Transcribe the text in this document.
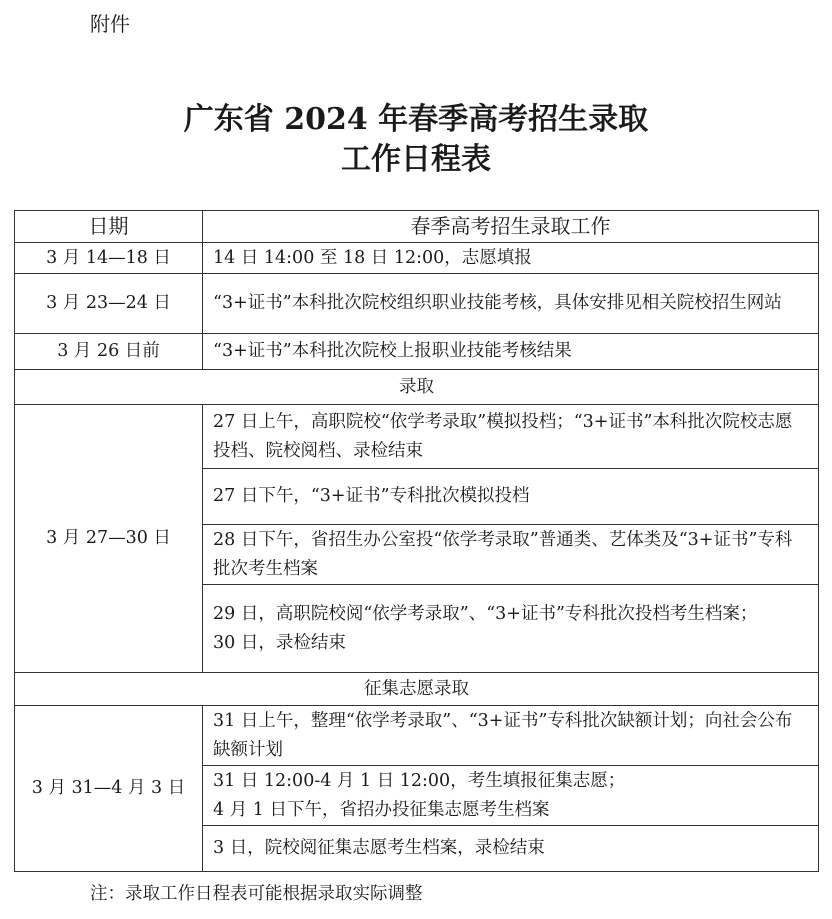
附件
广东省 2024 年春季高考招生录取
工作日程表
日期	春季高考招生录取工作
3 月 14—18 日	14 日 14:00 至 18 日 12:00，志愿填报
3 月 23—24 日	“3+证书”本科批次院校组织职业技能考核，具体安排见相关院校招生网站
3 月 26 日前	“3+证书”本科批次院校上报职业技能考核结果
录取	
3 月 27—30 日	27 日上午，高职院校“依学考录取”模拟投档；“3+证书”本科批次院校志愿投档、院校阅档、录检结束
	27 日下午，“3+证书”专科批次模拟投档
	28 日下午，省招生办公室投“依学考录取”普通类、艺体类及“3+证书”专科批次考生档案

	29 日，高职院校阅“依学考录取”、“3+证书”专科批次投档考生档案；
30 日，录检结束

征集志愿录取	
3 月 31—4 月 3 日	31 日上午，整理“依学考录取”、“3+证书”专科批次缺额计划；向社会公布缺额计划

	31 日 12:00-4 月 1 日 12:00，考生填报征集志愿；
4 月 1 日下午，省招办投征集志愿考生档案

	3 日，院校阅征集志愿考生档案，录检结束
注：录取工作日程表可能根据录取实际调整
